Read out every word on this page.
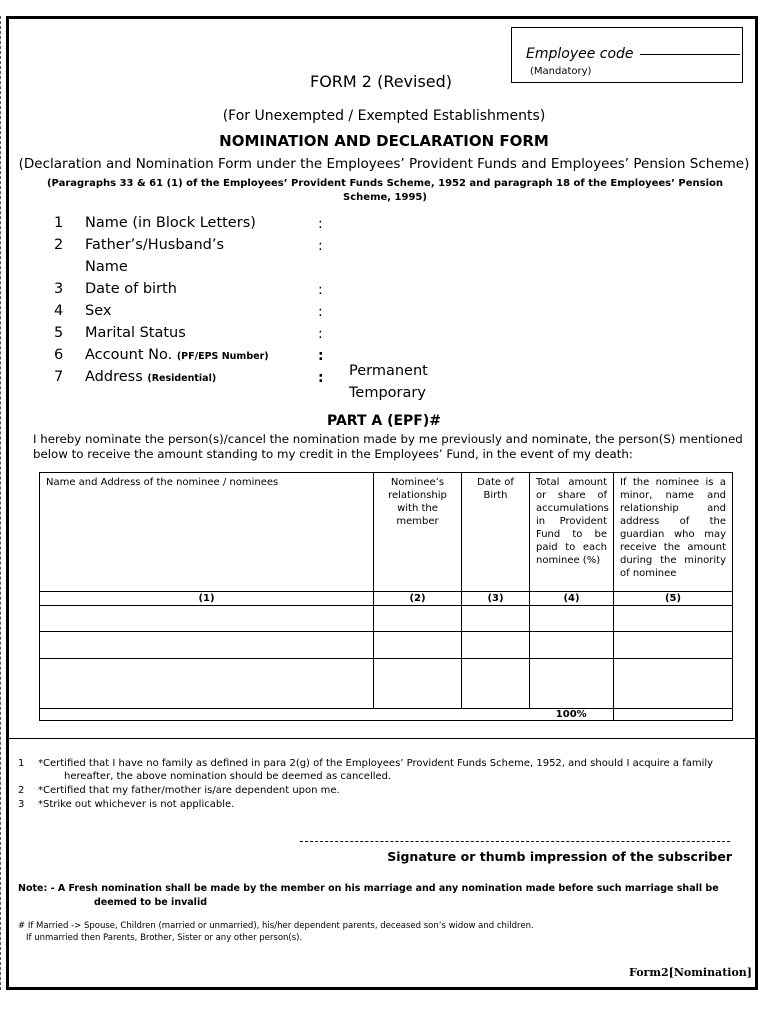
Employee code
(Mandatory)
FORM 2 (Revised)
(For Unexempted / Exempted Establishments)
NOMINATION AND DECLARATION FORM
(Declaration and Nomination Form under the Employees’ Provident Funds and Employees’ Pension Scheme)
(Paragraphs 33 & 61 (1) of the Employees’ Provident Funds Scheme, 1952 and paragraph 18 of the Employees’ Pension Scheme, 1995)
1 Name (in Block Letters)	:
2 Father’s/Husband’s
Name
:
3 Date of birth	:
4 Sex	:
5 Marital Status	:
6 Account No. (PF/EPS Number)	:
7 Address (Residential)	: Permanent
Temporary
PART A (EPF)#
I hereby nominate the person(s)/cancel the nomination made by me previously and nominate, the person(S) mentioned below to receive the amount standing to my credit in the Employees’ Fund, in the event of my death:
Name and Address of the nominee / nominees	Nominee’s relationship with the member	Date of Birth	Total amount or share of accumulations in Provident Fund to be paid to each nominee (%)	If the nominee is a minor, name and relationship and address of the guardian who may receive the amount during the minority of nominee
(1)	(2)	(3)	(4)	(5)

			100%	
1 *Certified that I have no family as defined in para 2(g) of the Employees’ Provident Funds Scheme, 1952, and should I acquire a family
hereafter, the above nomination should be deemed as cancelled.
2 *Certified that my father/mother is/are dependent upon me.
3 *Strike out whichever is not applicable.
Signature or thumb impression of the subscriber
Note: - A Fresh nomination shall be made by the member on his marriage and any nomination made before such marriage shall be
deemed to be invalid
# If Married -> Spouse, Children (married or unmarried), his/her dependent parents, deceased son’s widow and children.
If unmarried then Parents, Brother, Sister or any other person(s).
Form2[Nomination]
